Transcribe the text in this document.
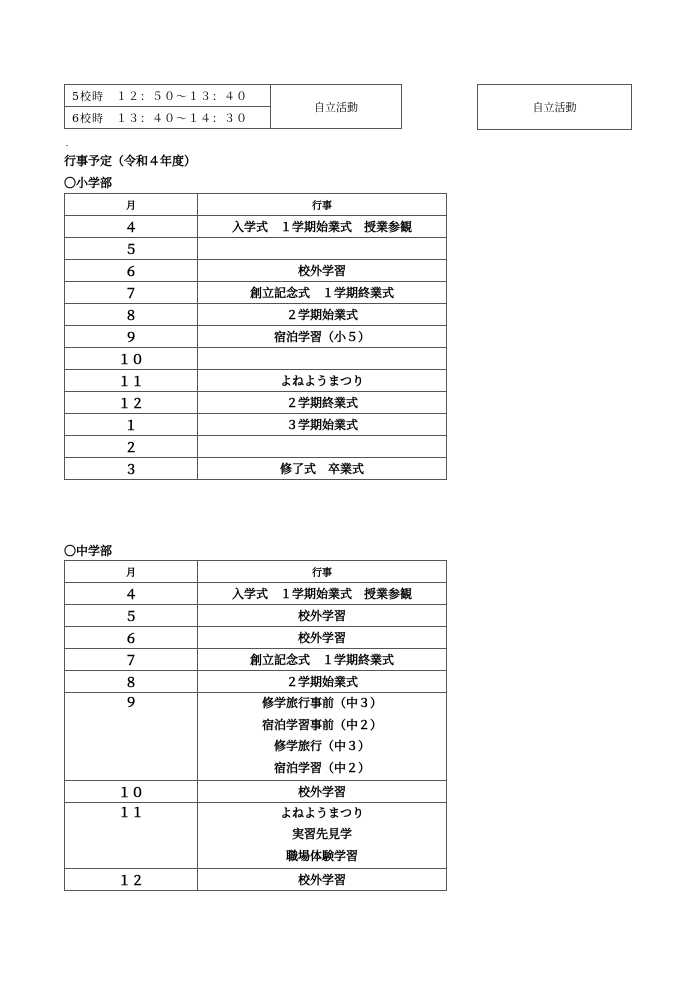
5校時　１２：５０～１３：４０	自立活動
6校時　１３：４０～１４：３０
自立活動
・
行事予定（令和４年度）
〇小学部
月	行事
４	入学式　１学期始業式　授業参観
５	
６	校外学習
７	創立記念式　１学期終業式
８	２学期始業式
９	宿泊学習（小５）
１０	
１１	よねようまつり
１２	２学期終業式
１	３学期始業式
２	
３	修了式　卒業式
〇中学部
月	行事
４	入学式　１学期始業式　授業参観
５	校外学習
６	校外学習
７	創立記念式　１学期終業式
８	２学期始業式
９	修学旅行事前（中３）
宿泊学習事前（中２）
修学旅行（中３）
宿泊学習（中２）

１０	校外学習
１１	よねようまつり
実習先見学
職場体験学習

１２	校外学習
